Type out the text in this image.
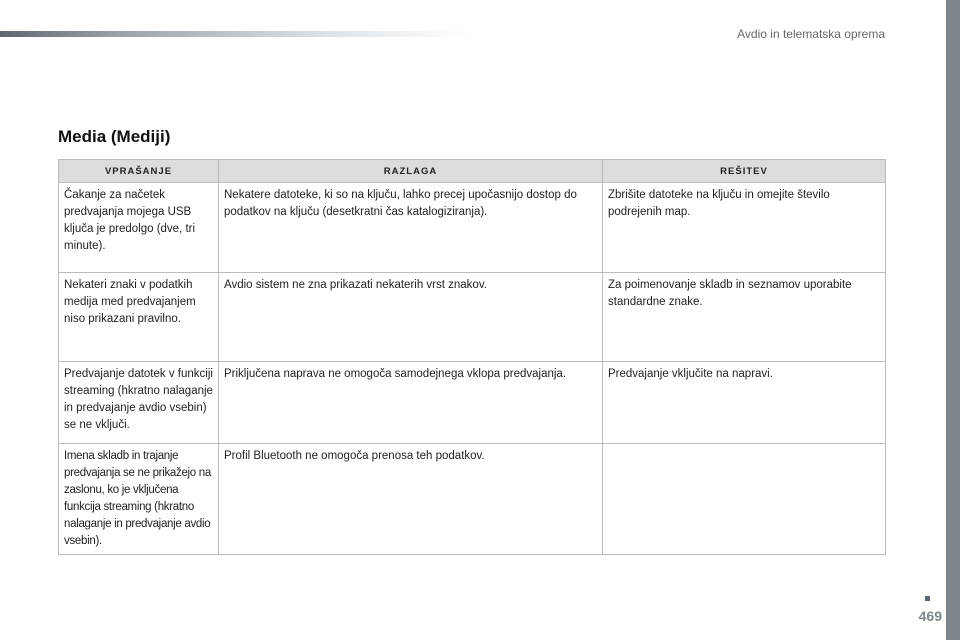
Avdio in telematska oprema
Media (Mediji)
VPRAŠANJE	RAZLAGA	REŠITEV
Čakanje za načetek predvajanja mojega USB ključa je predolgo (dve, tri minute).	Nekatere datoteke, ki so na ključu, lahko precej upočasnijo dostop do podatkov na ključu (desetkratni čas katalogiziranja).	Zbrišite datoteke na ključu in omejite število podrejenih map.
Nekateri znaki v podatkih medija med predvajanjem niso prikazani pravilno.	Avdio sistem ne zna prikazati nekaterih vrst znakov.	Za poimenovanje skladb in seznamov uporabite standardne znake.
Predvajanje datotek v funkciji streaming (hkratno nalaganje in predvajanje avdio vsebin) se ne vključi.	Priključena naprava ne omogoča samodejnega vklopa predvajanja.	Predvajanje vključite na napravi.
Imena skladb in trajanje predvajanja se ne prikažejo na zaslonu, ko je vključena funkcija streaming (hkratno nalaganje in predvajanje avdio vsebin).	Profil Bluetooth ne omogoča prenosa teh podatkov.	
469
